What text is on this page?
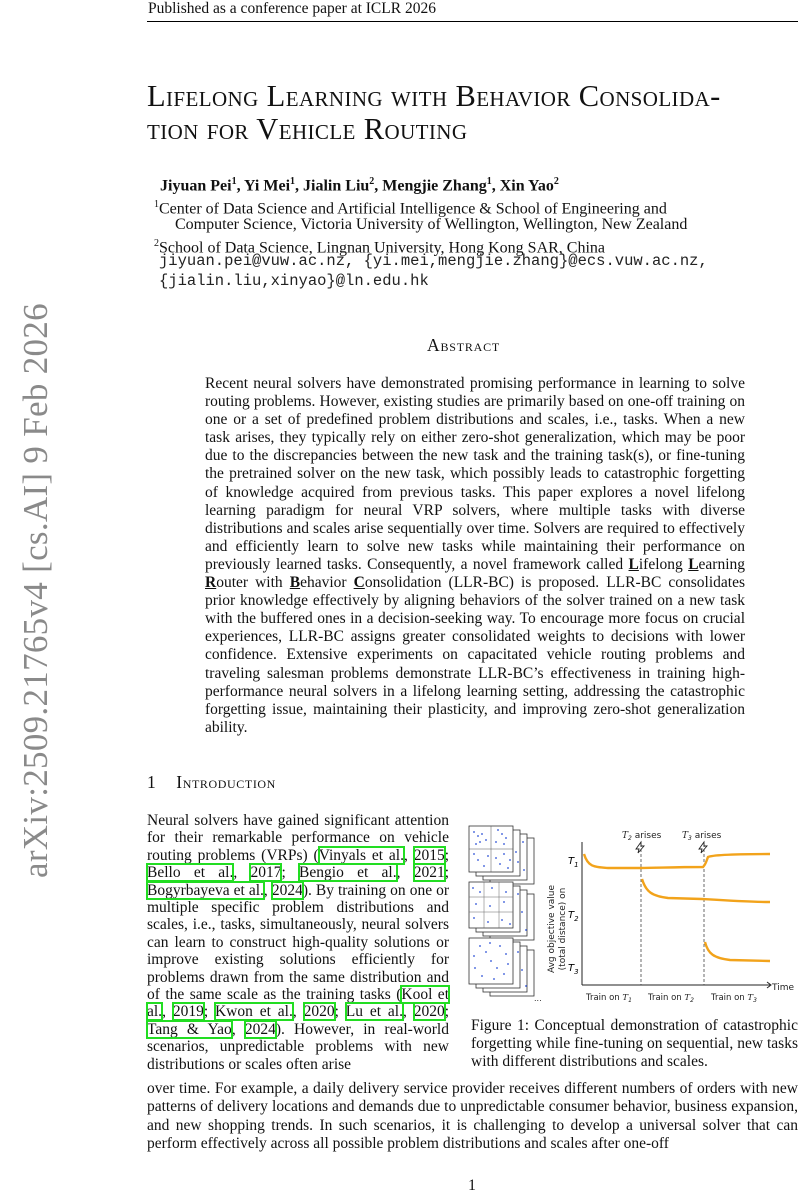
Published as a conference paper at ICLR 2026
arXiv:2509.21765v4 [cs.AI] 9 Feb 2026
Lifelong Learning with Behavior Consolida-
tion for Vehicle Routing
Jiyuan Pei$^1$, Yi Mei$^1$, Jialin Liu$^2$, Mengjie Zhang$^1$, Xin Yao$^2$
$^1$Center of Data Science and Artificial Intelligence & School of Engineering and
Computer Science, Victoria University of Wellington, Wellington, New Zealand
$^2$School of Data Science, Lingnan University, Hong Kong SAR, China
jiyuan.pei@vuw.ac.nz, {yi.mei,mengjie.zhang}@ecs.vuw.ac.nz,
{jialin.liu,xinyao}@ln.edu.hk
Abstract
Recent neural solvers have demonstrated promising performance in learning to solve routing problems. However, existing studies are primarily based on one-off training on one or a set of predefined problem distributions and scales, i.e., tasks. When a new task arises, they typically rely on either zero-shot generalization, which may be poor due to the discrepancies between the new task and the training task(s), or fine-tuning the pretrained solver on the new task, which possibly leads to catastrophic forgetting of knowledge acquired from previous tasks. This paper explores a novel lifelong learning paradigm for neural VRP solvers, where multiple tasks with diverse distributions and scales arise sequentially over time. Solvers are required to effectively and efficiently learn to solve new tasks while maintaining their performance on previously learned tasks. Consequently, a novel framework called Lifelong Learning Router with Behavior Consolidation (LLR-BC) is proposed. LLR-BC consolidates prior knowledge effectively by aligning behaviors of the solver trained on a new task with the buffered ones in a decision-seeking way. To encourage more focus on crucial experiences, LLR-BC assigns greater consolidated weights to decisions with lower confidence. Extensive experiments on capacitated vehicle routing problems and traveling salesman problems demonstrate LLR-BC’s effectiveness in training high-performance neural solvers in a lifelong learning setting, addressing the catastrophic forgetting issue, maintaining their plasticity, and improving zero-shot generalization ability.
1 Introduction
Neural solvers have gained significant attention for their remarkable performance on vehicle routing problems (VRPs) (Vinyals et al., 2015; Bello et al., 2017; Bengio et al., 2021; Bogyrbayeva et al., 2024). By training on one or multiple specific problem distributions and scales, i.e., tasks, simultaneously, neural solvers can learn to construct high-quality solutions or improve existing solutions efficiently for problems drawn from the same distribution and of the same scale as the training tasks (Kool et al., 2019; Kwon et al., 2020; Lu et al., 2020; Tang & Yao, 2024). However, in real-world scenarios, unpredictable problems with new distributions or scales often arise
over time. For example, a daily delivery service provider receives different numbers of orders with new patterns of delivery locations and demands due to unpredictable consumer behavior, business expansion, and new shopping trends. In such scenarios, it is challenging to develop a universal solver that can perform effectively across all possible problem distributions and scales after one-off
...
Avg objective value (total distance) on
$T_1$
$T_2$
$T_3$
Time
$T_2$ arises $T_3$ arises
Train on $T_1$ Train on $T_2$ Train on $T_3$
Figure 1: Conceptual demonstration of catastrophic forgetting while fine-tuning on sequential, new tasks with different distributions and scales.
1
